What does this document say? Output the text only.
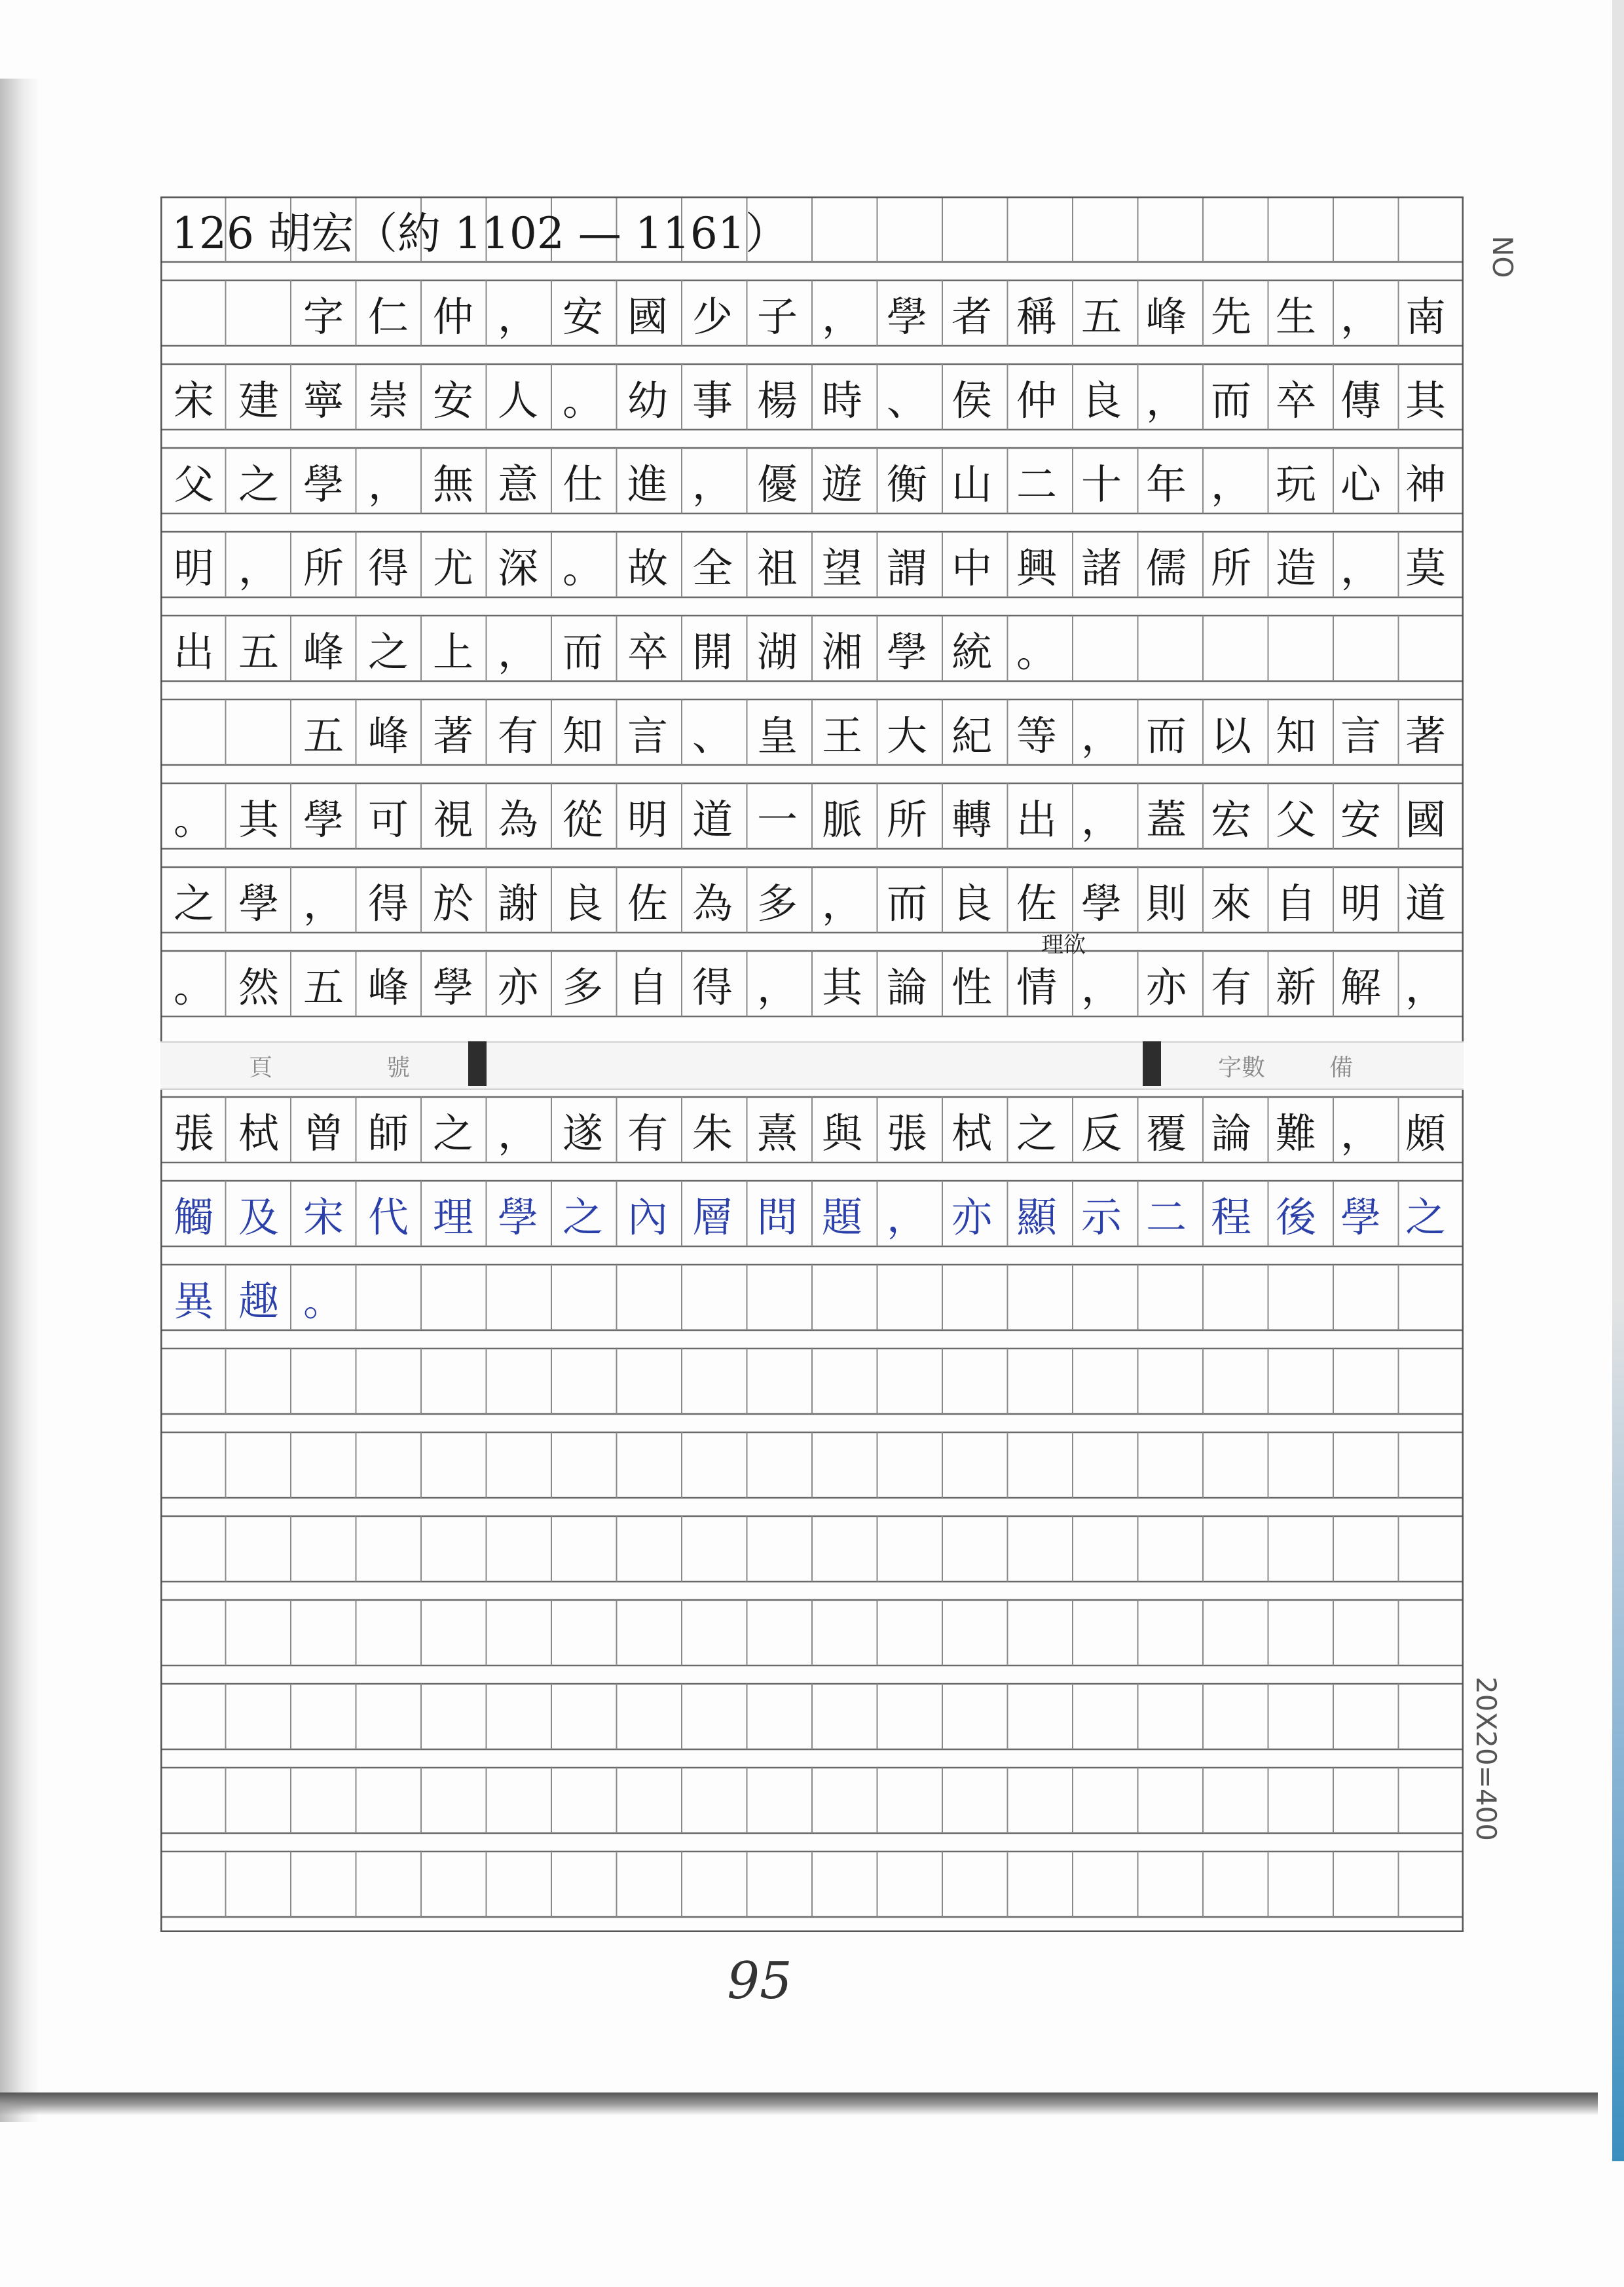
頁	號	字數	備
126 胡宏（約 1102 — 1161）
　　字仁仲，安國少子，學者稱五峰先生，南
宋建寧崇安人。幼事楊時、侯仲良，而卒傳其
父之學，無意仕進，優遊衡山二十年，玩心神
明，所得尤深。故全祖望謂中興諸儒所造，莫
出五峰之上，而卒開湖湘學統。
　　五峰著有知言、皇王大紀等，而以知言著
。其學可視為從明道一脈所轉出，蓋宏父安國
之學，得於謝良佐為多，而良佐學則來自明道
。然五峰學亦多自得，其論性情，亦有新解，
張栻曾師之，遂有朱熹與張栻之反覆論難，頗
觸及宋代理學之內層問題，亦顯示二程後學之
異趣。
理欲
NO
20X20=400
95
